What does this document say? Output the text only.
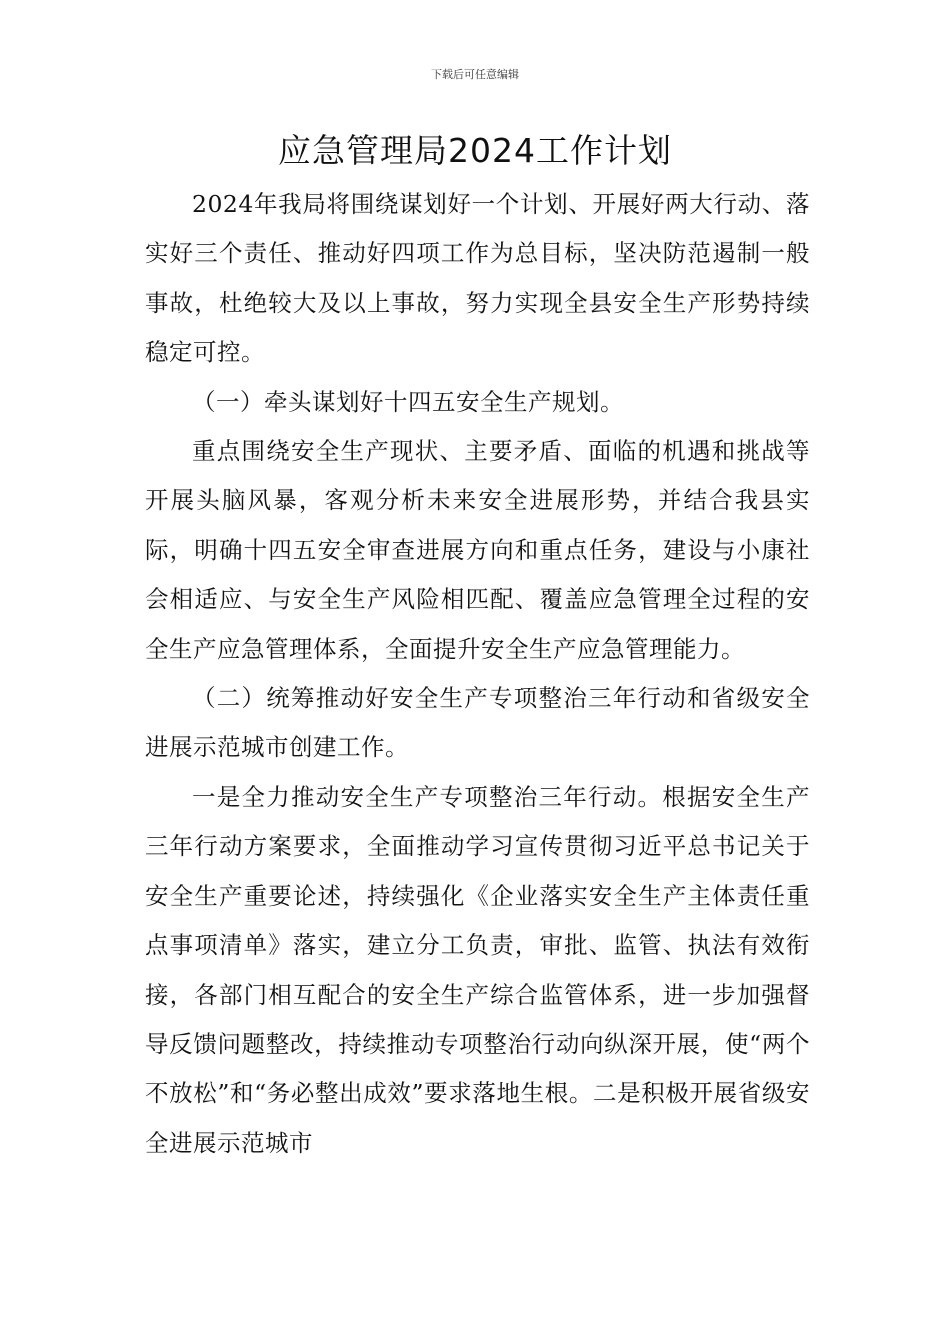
下载后可任意编辑
应急管理局2024工作计划

2024年我局将围绕谋划好一个计划、开展好两大行动、落实好三个责任、推动好四项工作为总目标，坚决防范遏制一般事故，杜绝较大及以上事故，努力实现全县安全生产形势持续稳定可控。

（一）牵头谋划好十四五安全生产规划。

重点围绕安全生产现状、主要矛盾、面临的机遇和挑战等开展头脑风暴，客观分析未来安全进展形势，并结合我县实际，明确十四五安全审查进展方向和重点任务，建设与小康社会相适应、与安全生产风险相匹配、覆盖应急管理全过程的安全生产应急管理体系，全面提升安全生产应急管理能力。

（二）统筹推动好安全生产专项整治三年行动和省级安全进展示范城市创建工作。

一是全力推动安全生产专项整治三年行动。根据安全生产三年行动方案要求，全面推动学习宣传贯彻习近平总书记关于安全生产重要论述，持续强化《企业落实安全生产主体责任重点事项清单》落实，建立分工负责，审批、监管、执法有效衔接，各部门相互配合的安全生产综合监管体系，进一步加强督导反馈问题整改，持续推动专项整治行动向纵深开展，使“两个不放松”和“务必整出成效”要求落地生根。二是积极开展省级安全进展示范城市
